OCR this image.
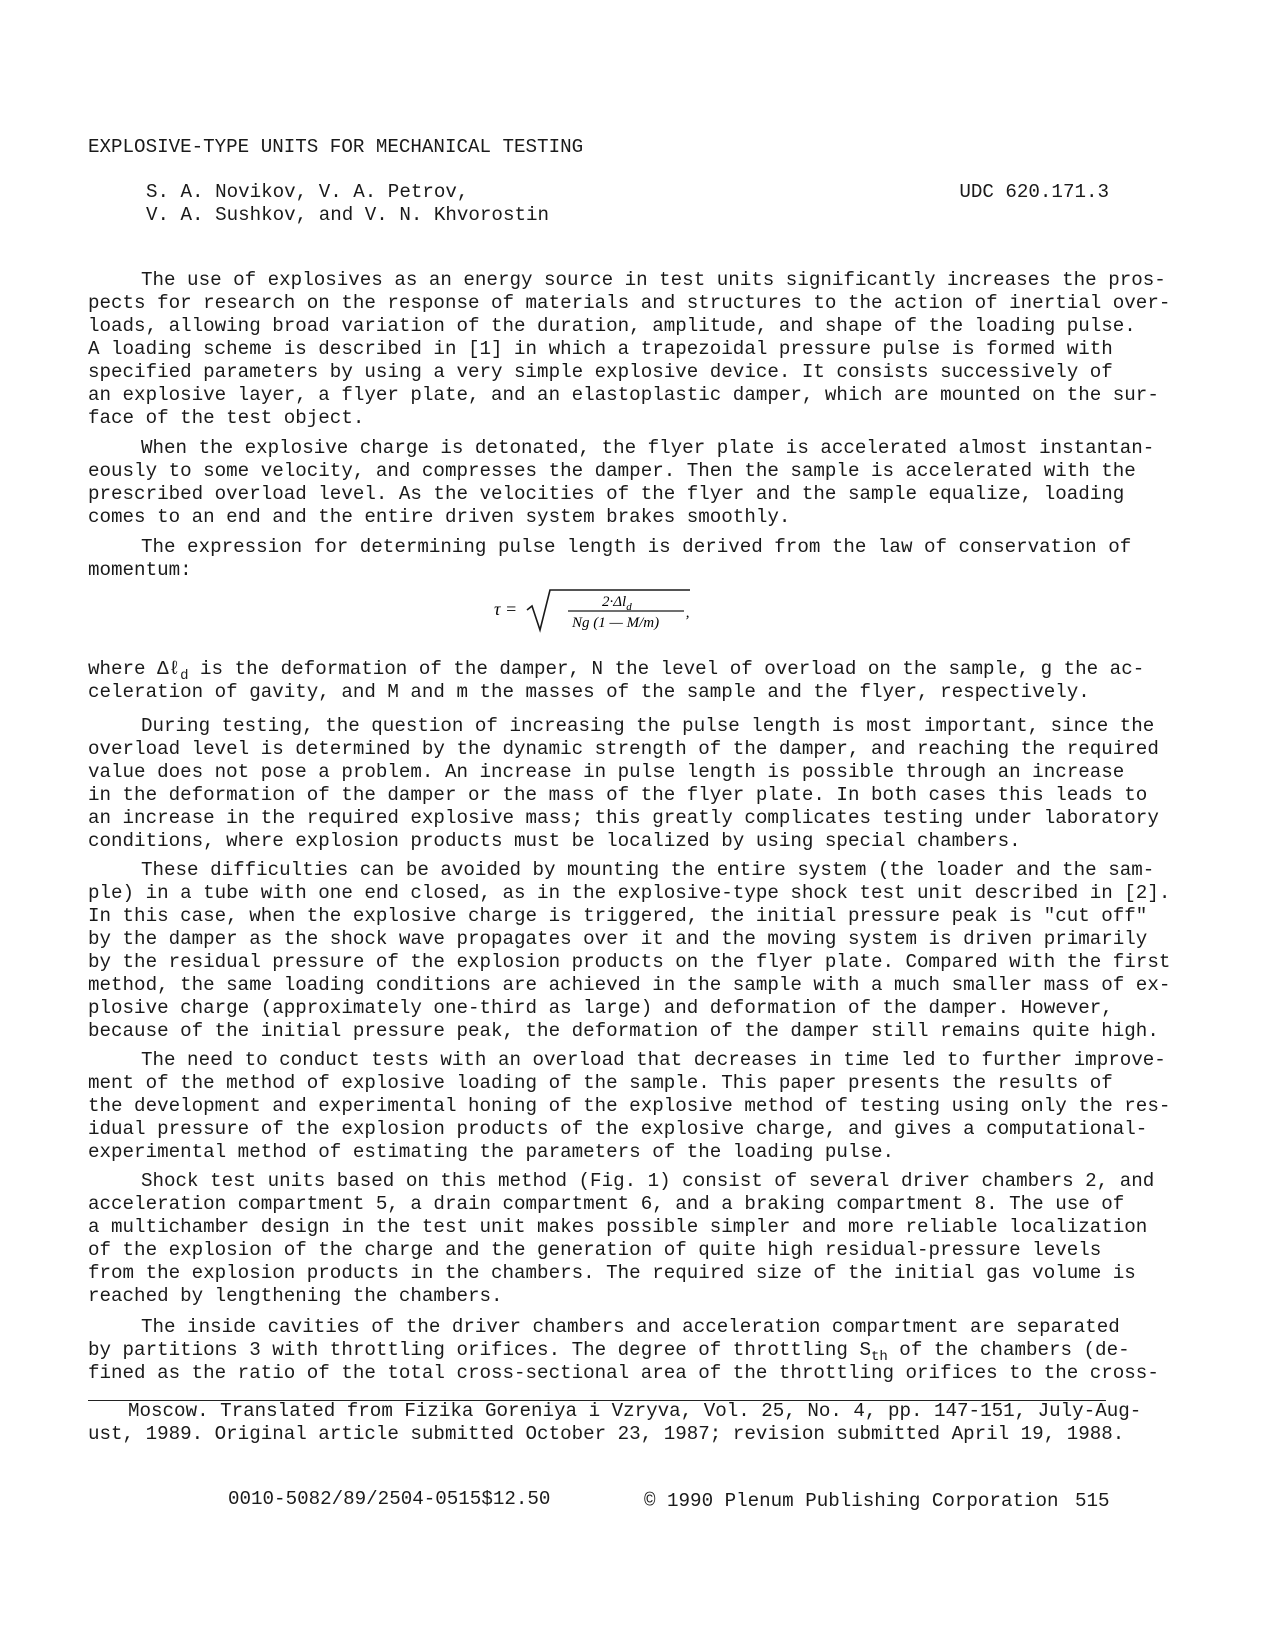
EXPLOSIVE-TYPE UNITS FOR MECHANICAL TESTING
S. A. Novikov, V. A. Petrov,
V. A. Sushkov, and V. N. Khvorostin
UDC 620.171.3
The use of explosives as an energy source in test units significantly increases the pros-
pects for research on the response of materials and structures to the action of inertial over-
loads, allowing broad variation of the duration, amplitude, and shape of the loading pulse.
A loading scheme is described in [1] in which a trapezoidal pressure pulse is formed with
specified parameters by using a very simple explosive device. It consists successively of
an explosive layer, a flyer plate, and an elastoplastic damper, which are mounted on the sur-
face of the test object.
When the explosive charge is detonated, the flyer plate is accelerated almost instantan-
eously to some velocity, and compresses the damper. Then the sample is accelerated with the
prescribed overload level. As the velocities of the flyer and the sample equalize, loading
comes to an end and the entire driven system brakes smoothly.
The expression for determining pulse length is derived from the law of conservation of
momentum:
τ =	$2\cdot\Delta l_d$
Ng (1 — M/m) ’
where Δℓ$_d$ is the deformation of the damper, N the level of overload on the sample, g the ac-
celeration of gavity, and M and m the masses of the sample and the flyer, respectively.
During testing, the question of increasing the pulse length is most important, since the
overload level is determined by the dynamic strength of the damper, and reaching the required
value does not pose a problem. An increase in pulse length is possible through an increase
in the deformation of the damper or the mass of the flyer plate. In both cases this leads to
an increase in the required explosive mass; this greatly complicates testing under laboratory
conditions, where explosion products must be localized by using special chambers.
These difficulties can be avoided by mounting the entire system (the loader and the sam-
ple) in a tube with one end closed, as in the explosive-type shock test unit described in [2].
In this case, when the explosive charge is triggered, the initial pressure peak is "cut off"
by the damper as the shock wave propagates over it and the moving system is driven primarily
by the residual pressure of the explosion products on the flyer plate. Compared with the first
method, the same loading conditions are achieved in the sample with a much smaller mass of ex-
plosive charge (approximately one-third as large) and deformation of the damper. However,
because of the initial pressure peak, the deformation of the damper still remains quite high.
The need to conduct tests with an overload that decreases in time led to further improve-
ment of the method of explosive loading of the sample. This paper presents the results of
the development and experimental honing of the explosive method of testing using only the res-
idual pressure of the explosion products of the explosive charge, and gives a computational-
experimental method of estimating the parameters of the loading pulse.
Shock test units based on this method (Fig. 1) consist of several driver chambers 2, and
acceleration compartment 5, a drain compartment 6, and a braking compartment 8. The use of
a multichamber design in the test unit makes possible simpler and more reliable localization
of the explosion of the charge and the generation of quite high residual-pressure levels
from the explosion products in the chambers. The required size of the initial gas volume is
reached by lengthening the chambers.
The inside cavities of the driver chambers and acceleration compartment are separated
by partitions 3 with throttling orifices. The degree of throttling $S_{th}$ of the chambers (de-
fined as the ratio of the total cross-sectional area of the throttling orifices to the cross-
Moscow. Translated from Fizika Goreniya i Vzryva, Vol. 25, No. 4, pp. 147-151, July-Aug-
ust, 1989. Original article submitted October 23, 1987; revision submitted April 19, 1988.
0010-5082/89/2504-0515$12.50	© 1990 Plenum Publishing Corporation 515
